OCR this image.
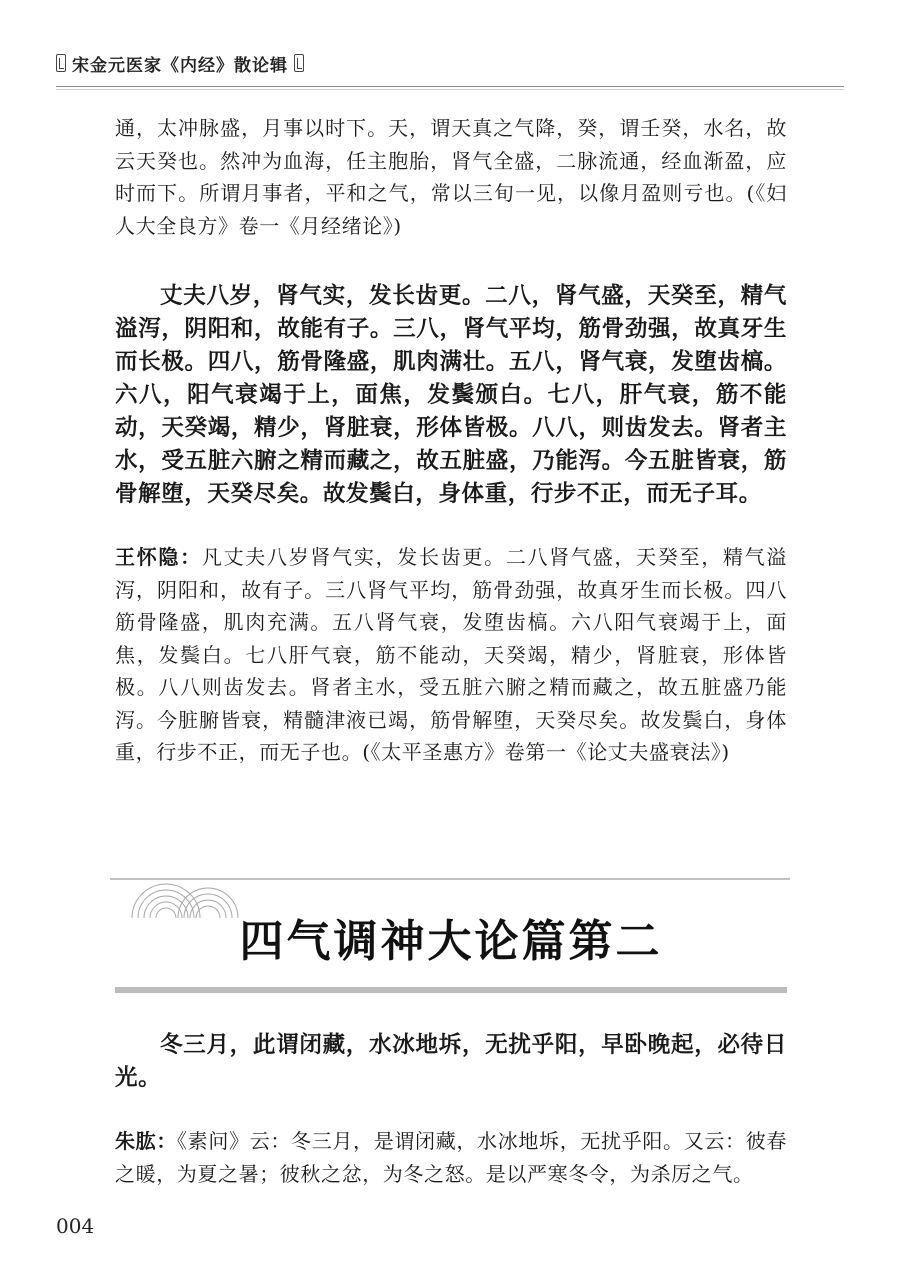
宋金元医家《内经》散论辑

通，太冲脉盛，月事以时下。天，谓天真之气降，癸，谓壬癸，水名，故云天癸也。然冲为血海，任主胞胎，肾气全盛，二脉流通，经血渐盈，应时而下。所谓月事者，平和之气，常以三旬一见，以像月盈则亏也。(《妇人大全良方》卷一《月经绪论》)

丈夫八岁，肾气实，发长齿更。二八，肾气盛，天癸至，精气溢泻，阴阳和，故能有子。三八，肾气平均，筋骨劲强，故真牙生而长极。四八，筋骨隆盛，肌肉满壮。五八，肾气衰，发堕齿槁。六八，阳气衰竭于上，面焦，发鬓颁白。七八，肝气衰，筋不能动，天癸竭，精少，肾脏衰，形体皆极。八八，则齿发去。肾者主水，受五脏六腑之精而藏之，故五脏盛，乃能泻。今五脏皆衰，筋骨解堕，天癸尽矣。故发鬓白，身体重，行步不正，而无子耳。

王怀隐：凡丈夫八岁肾气实，发长齿更。二八肾气盛，天癸至，精气溢泻，阴阳和，故有子。三八肾气平均，筋骨劲强，故真牙生而长极。四八筋骨隆盛，肌肉充满。五八肾气衰，发堕齿槁。六八阳气衰竭于上，面焦，发鬓白。七八肝气衰，筋不能动，天癸竭，精少，肾脏衰，形体皆极。八八则齿发去。肾者主水，受五脏六腑之精而藏之，故五脏盛乃能泻。今脏腑皆衰，精髓津液已竭，筋骨解堕，天癸尽矣。故发鬓白，身体重，行步不正，而无子也。(《太平圣惠方》卷第一《论丈夫盛衰法》)

四气调神大论篇第二

冬三月，此谓闭藏，水冰地坼，无扰乎阳，早卧晚起，必待日光。

朱肱：《素问》云：冬三月，是谓闭藏，水冰地坼，无扰乎阳。又云：彼春之暖，为夏之暑；彼秋之忿，为冬之怒。是以严寒冬令，为杀厉之气。

004
